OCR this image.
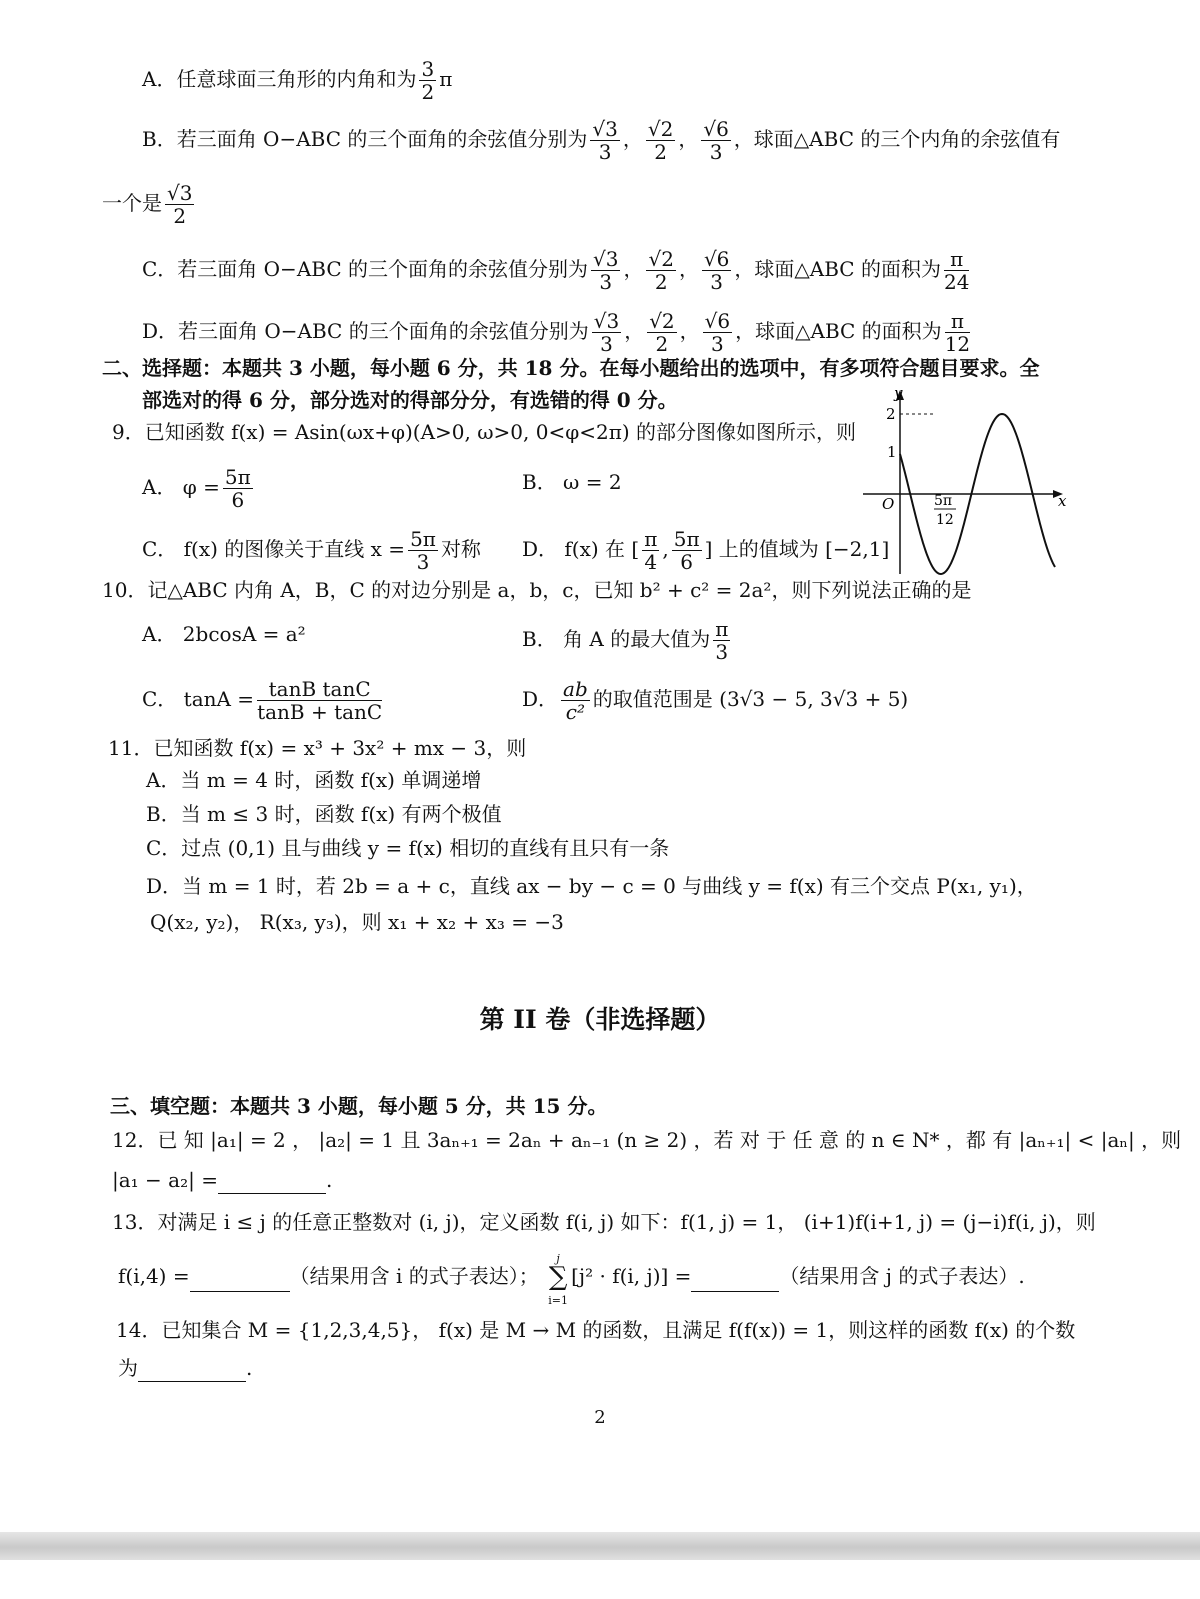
A．任意球面三角形的内角和为 $\frac{3}{2}$ π
B．若三面角 O−ABC 的三个面角的余弦值分别为 $\frac{√3}{3}$ ， $\frac{√2}{2}$ ， $\frac{√6}{3}$ ，球面△ABC 的三个内角的余弦值有
一个是 $\frac{√3}{2}$
C．若三面角 O−ABC 的三个面角的余弦值分别为 $\frac{√3}{3}$ ， $\frac{√2}{2}$ ， $\frac{√6}{3}$ ，球面△ABC 的面积为 $\frac{\pi}{24}$
D．若三面角 O−ABC 的三个面角的余弦值分别为 $\frac{√3}{3}$ ， $\frac{√2}{2}$ ， $\frac{√6}{3}$ ，球面△ABC 的面积为 $\frac{\pi}{12}$
二、选择题：本题共 3 小题，每小题 6 分，共 18 分。在每小题给出的选项中，有多项符合题目要求。全
部选对的得 6 分，部分选对的得部分分，有选错的得 0 分。
9．已知函数 f(x) = Asin(ωx+φ)(A>0, ω>0, 0<φ<2π) 的部分图像如图所示，则
A． $\varphi = \frac{5\pi}{6}$	B． ω = 2
C． f(x) 的图像关于直线 $x = \frac{5\pi}{3}$ 对称 D． f(x) 在 [ $\frac{\pi}{4}$ , $\frac{5\pi}{6}$ ] 上的值域为 [−2,1]
y
x
O
2
1
5π
12
10．记△ABC 内角 A，B，C 的对边分别是 a，b，c，已知 b² + c² = 2a²，则下列说法正确的是
A． 2bcosA = a²	B． 角 A 的最大值为 $\frac{\pi}{3}$
C． $\tan A = \frac{\text{tanB tanC}}{\tan B + \tan C}$	D． $\frac{ab}{\text{c²}}$ 的取值范围是 (3√3 − 5, 3√3 + 5)
11．已知函数 f(x) = x³ + 3x² + mx − 3，则
A．当 m = 4 时，函数 f(x) 单调递增
B．当 m ≤ 3 时，函数 f(x) 有两个极值
C．过点 (0,1) 且与曲线 y = f(x) 相切的直线有且只有一条
D．当 m = 1 时，若 2b = a + c，直线 ax − by − c = 0 与曲线 y = f(x) 有三个交点 P(x₁, y₁)，
Q(x₂, y₂)， R(x₃, y₃)，则 x₁ + x₂ + x₃ = −3
第 II 卷（非选择题）
三、填空题：本题共 3 小题，每小题 5 分，共 15 分。
12．已 知 |a₁| = 2 ， |a₂| = 1 且 3aₙ₊₁ = 2aₙ + aₙ₋₁ (n ≥ 2) ，若 对 于 任 意 的 n ∈ N* ，都 有 |aₙ₊₁| < |aₙ| ，则
|a₁ − a₂| =	.
13．对满足 i ≤ j 的任意正整数对 (i, j)，定义函数 f(i, j) 如下：f(1, j) = 1， (i+1)f(i+1, j) = (j−i)f(i, j)，则
f(i,4) =	（结果用含 i 的式子表达）；
j
∑
i=1
[j² · f(i, j)] =	（结果用含 j 的式子表达）.
14．已知集合 M = {1,2,3,4,5}， f(x) 是 M → M 的函数，且满足 f(f(x)) = 1，则这样的函数 f(x) 的个数
为	.
2
